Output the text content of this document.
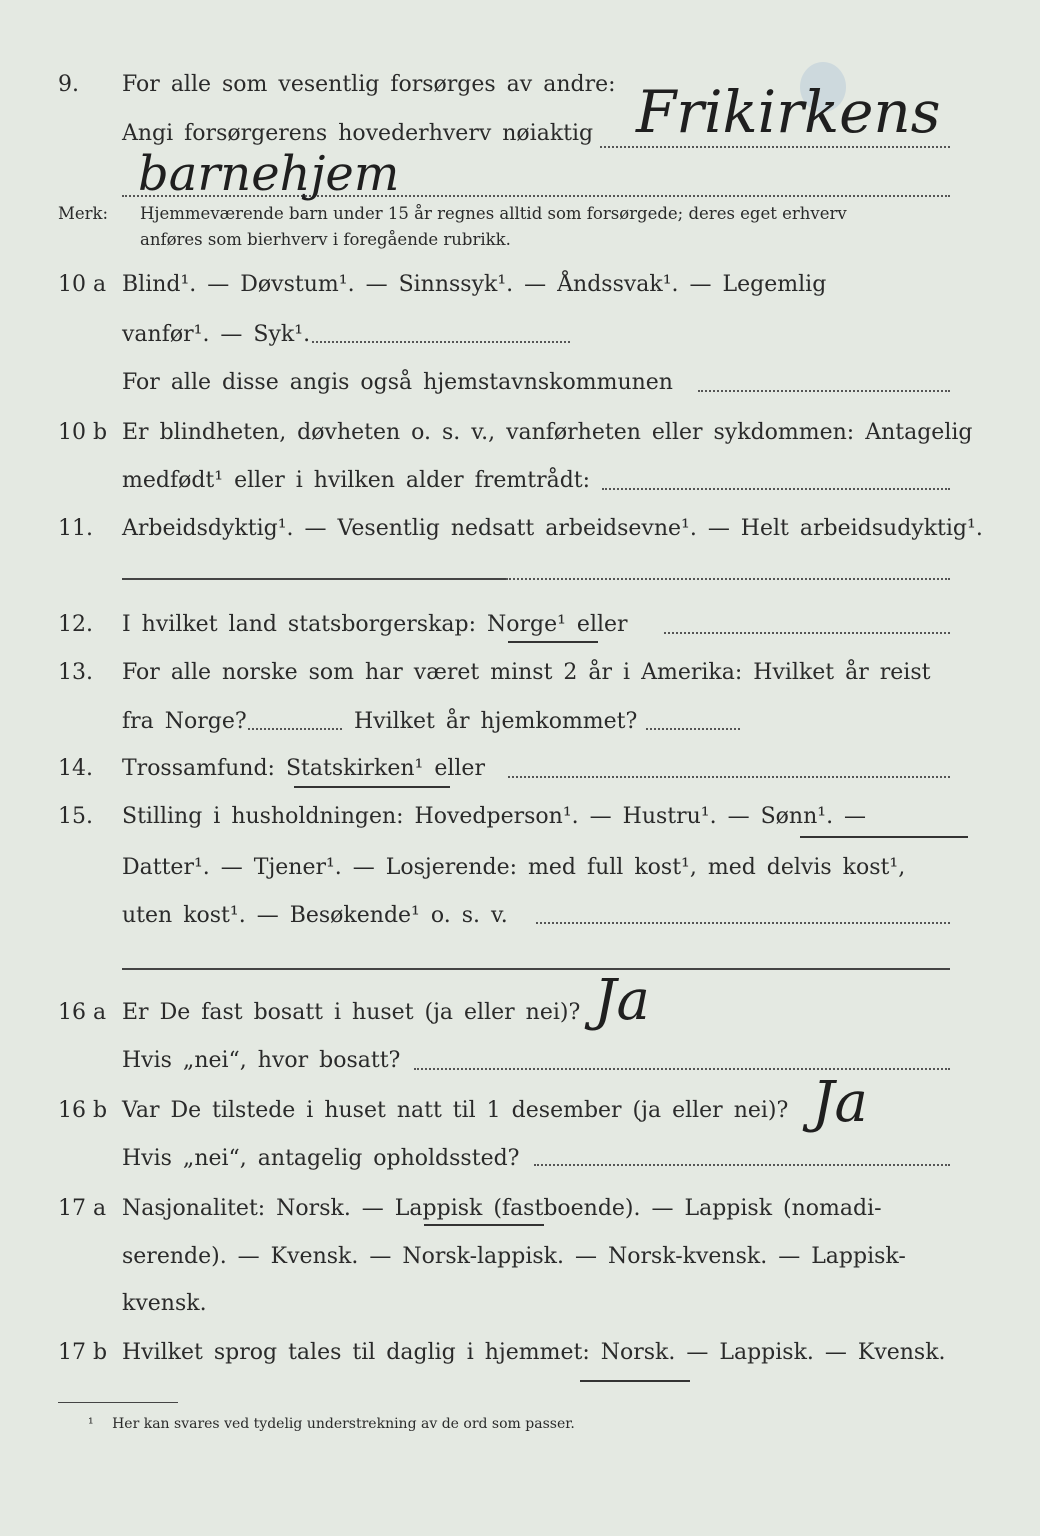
9. For alle som vesentlig forsørges av andre:
Angi forsørgerens hovederhverv nøiaktig Frikirkens
barnehjem
Merk: Hjemmeværende barn under 15 år regnes alltid som forsørgede; deres eget erhverv
anføres som bierhverv i foregående rubrikk.
10 a Blind¹. — Døvstum¹. — Sinnssyk¹. — Åndssvak¹. — Legemlig
vanfør¹. — Syk¹.
For alle disse angis også hjemstavnskommunen
10 b Er blindheten, døvheten o. s. v., vanførheten eller sykdommen: Antagelig
medfødt¹ eller i hvilken alder fremtrådt:
11. Arbeidsdyktig¹. — Vesentlig nedsatt arbeidsevne¹. — Helt arbeidsudyktig¹.
12. I hvilket land statsborgerskap: Norge¹ eller
13. For alle norske som har været minst 2 år i Amerika: Hvilket år reist
fra Norge?	Hvilket år hjemkommet?
14. Trossamfund: Statskirken¹ eller
15. Stilling i husholdningen: Hovedperson¹. — Hustru¹. — Sønn¹. —
Datter¹. — Tjener¹. — Losjerende: med full kost¹, med delvis kost¹,
uten kost¹. — Besøkende¹ o. s. v.
16 a Er De fast bosatt i huset (ja eller nei)? Ja
Hvis „nei“, hvor bosatt?
16 b Var De tilstede i huset natt til 1 desember (ja eller nei)? Ja
Hvis „nei“, antagelig opholdssted?
17 a Nasjonalitet: Norsk. — Lappisk (fastboende). — Lappisk (nomadi-
serende). — Kvensk. — Norsk-lappisk. — Norsk-kvensk. — Lappisk-
kvensk.
17 b Hvilket sprog tales til daglig i hjemmet: Norsk. — Lappisk. — Kvensk.
¹ Her kan svares ved tydelig understrekning av de ord som passer.
